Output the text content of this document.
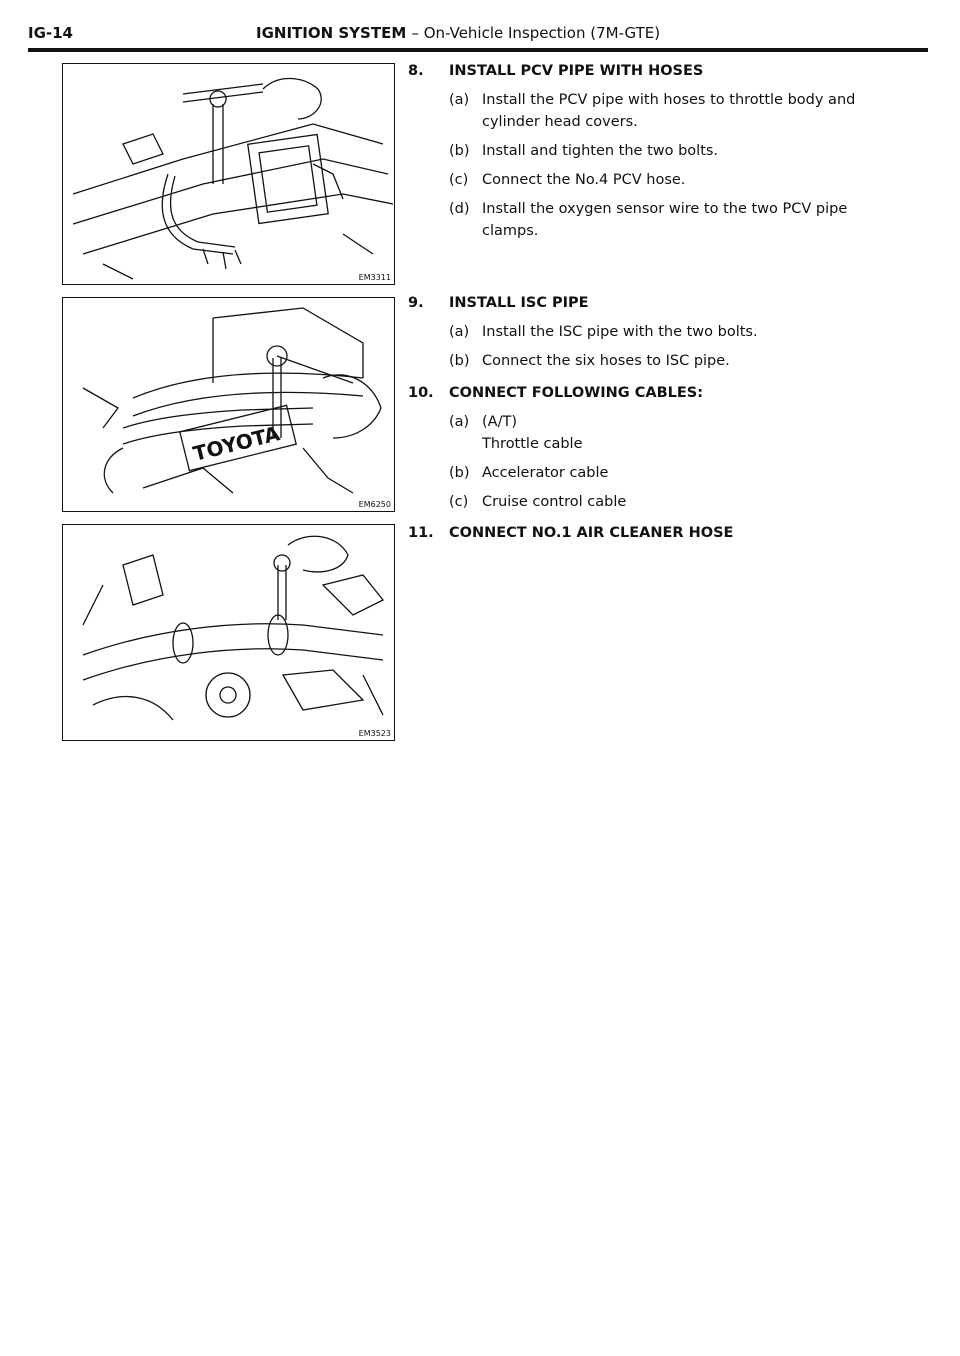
IG-14	IGNITION SYSTEM – On-Vehicle Inspection (7M-GTE)
EM3311
TOYOTA
EM6250
EM3523
8.	INSTALL PCV PIPE WITH HOSES
(a) Install the PCV pipe with hoses to throttle body and
cylinder head covers.
(b) Install and tighten the two bolts.
(c) Connect the No.4 PCV hose.
(d) Install the oxygen sensor wire to the two PCV pipe
clamps.
9.	INSTALL ISC PIPE
(a) Install the ISC pipe with the two bolts.
(b) Connect the six hoses to ISC pipe.
10.	CONNECT FOLLOWING CABLES:
(a) (A/T)
Throttle cable
(b) Accelerator cable
(c) Cruise control cable
11.	CONNECT NO.1 AIR CLEANER HOSE
